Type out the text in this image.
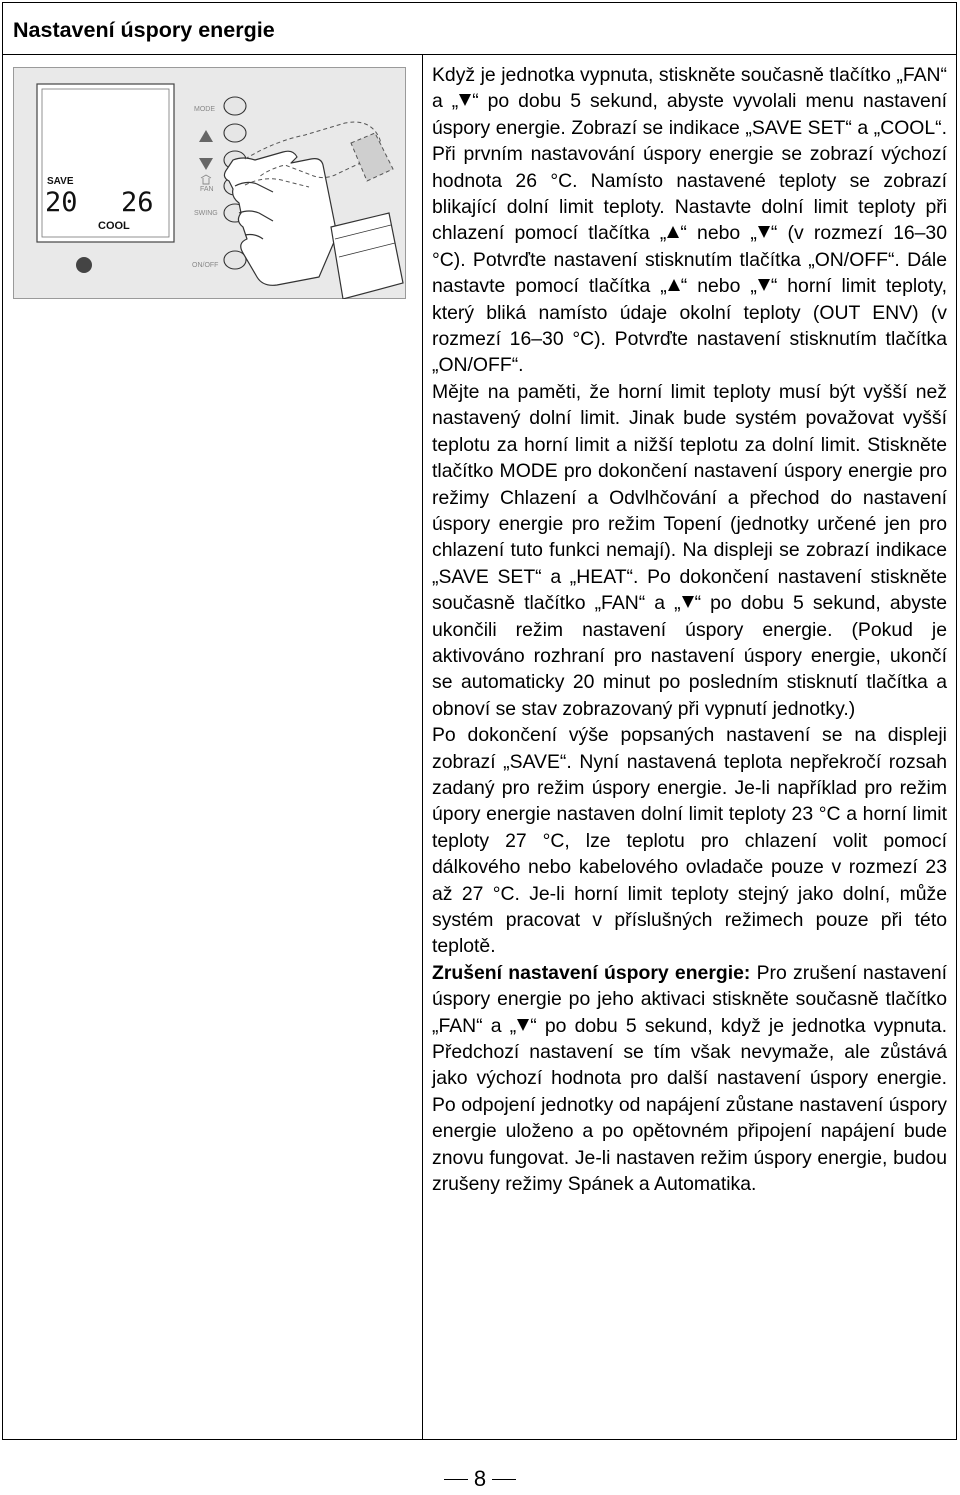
Nastavení úspory energie
SAVE
20 26
COOL
MODE
FAN
SWING
ON/OFF

Když je jednotka vypnuta, stiskněte současně tlačítko „FAN“ a „ “ po dobu 5 sekund, abyste vyvolali menu nastavení úspory energie. Zobrazí se indikace „SAVE SET“ a „COOL“. Při prvním nastavování úspory energie se zobrazí výchozí hodnota 26 °C. Namísto nastavené teploty se zobrazí blikající dolní limit teploty. Nastavte dolní limit teploty při chlazení pomocí tlačítka „ “ nebo „ “ (v rozmezí 16–30 °C). Potvrďte nastavení stisknutím tlačítka „ON/OFF“. Dále nastavte pomocí tlačítka „ “ nebo „ “ horní limit teploty, který bliká namísto údaje okolní teploty (OUT ENV) (v rozmezí 16–30 °C). Potvrďte nastavení stisknutím tlačítka „ON/OFF“.

Mějte na paměti, že horní limit teploty musí být vyšší než nastavený dolní limit. Jinak bude systém považovat vyšší teplotu za horní limit a nižší teplotu za dolní limit. Stiskněte tlačítko MODE pro dokončení nastavení úspory energie pro režimy Chlazení a Odvlhčování a přechod do nastavení úspory energie pro režim Topení (jednotky určené jen pro chlazení tuto funkci nemají). Na displeji se zobrazí indikace „SAVE SET“ a „HEAT“. Po dokončení nastavení stiskněte současně tlačítko „FAN“ a „ “ po dobu 5 sekund, abyste ukončili režim nastavení úspory energie. (Pokud je aktivováno rozhraní pro nastavení úspory energie, ukončí se automaticky 20 minut po posledním stisknutí tlačítka a obnoví se stav zobrazovaný při vypnutí jednotky.)

Po dokončení výše popsaných nastavení se na displeji zobrazí „SAVE“. Nyní nastavená teplota nepřekročí rozsah zadaný pro režim úspory energie. Je-li například pro režim úpory energie nastaven dolní limit teploty 23 °C a horní limit teploty 27 °C, lze teplotu pro chlazení volit pomocí dálkového nebo kabelového ovladače pouze v rozmezí 23 až 27 °C. Je-li horní limit teploty stejný jako dolní, může systém pracovat v příslušných režimech pouze při této teplotě.

Zrušení nastavení úspory energie: Pro zrušení nastavení úspory energie po jeho aktivaci stiskněte současně tlačítko „FAN“ a „ “ po dobu 5 sekund, když je jednotka vypnuta. Předchozí nastavení se tím však nevymaže, ale zůstává jako výchozí hodnota pro další nastavení úspory energie. Po odpojení jednotky od napájení zůstane nastavení úspory energie uloženo a po opětovném připojení napájení bude znovu fungovat. Je-li nastaven režim úspory energie, budou zrušeny režimy Spánek a Automatika.

8
